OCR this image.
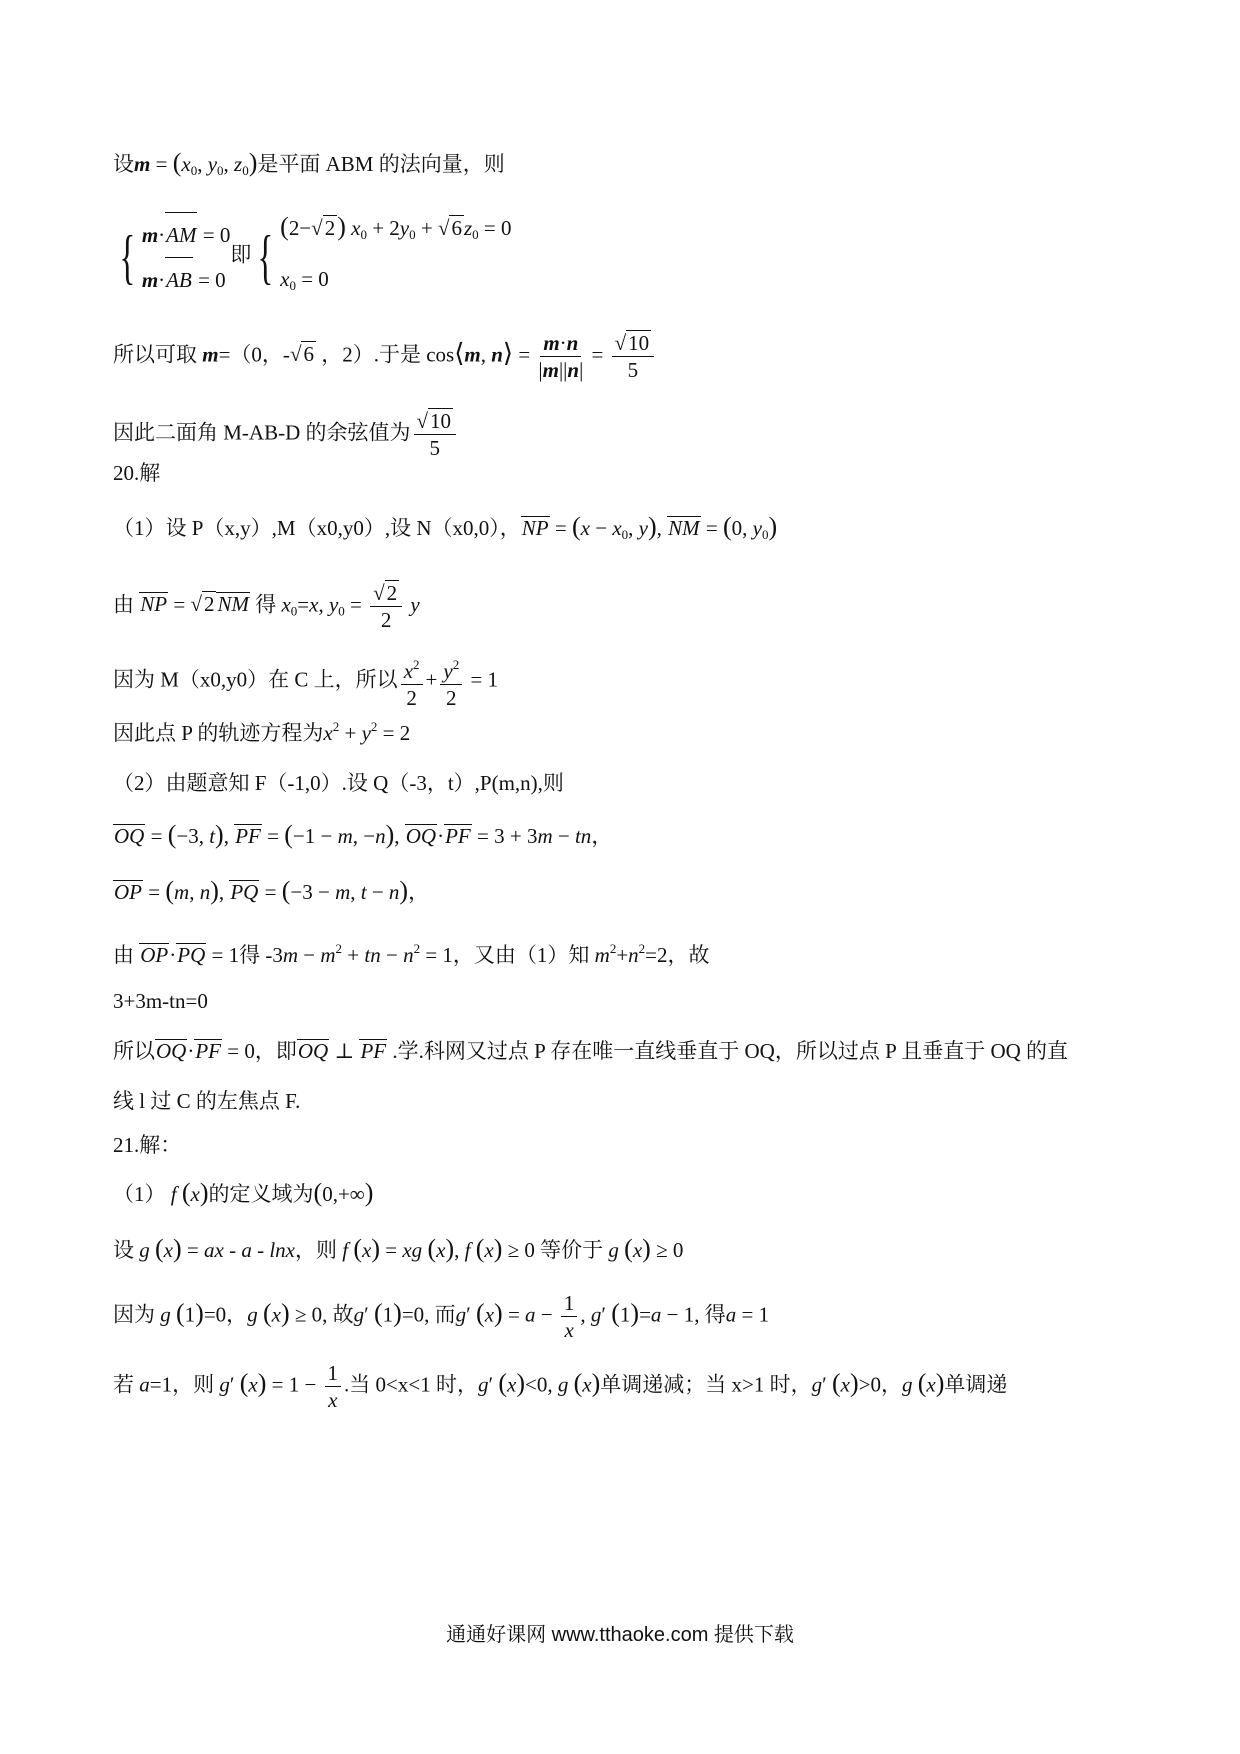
设$m = (x_0$, $y_0$, $z_0$)是平面 ABM 的法向量，则
{ m·AM = 0
m·AB = 0
即 { (2−√2) $x_0 + 2y_0 + √6z_0 = 0$
$x_0 = 0$
所以可取 m=（0，-√6 ，2）.于是 cos⟨m, n⟩ = $\frac{m\cdot n}{|m||n|} = \frac{√10}{5}$
因此二面角 M-AB-D 的余弦值为 $\frac{√10}{5}$
20.解
（1）设 P（x,y）,M（x0,y0）,设 N（x0,0），NP = ($x - x_0$, y), NM = (0, $y_0$)
由 NP = √2 NM 得 $x_0=x$, $y_0 = \frac{√2}{2}$ y
因为 M（x0,y0）在 C 上，所以 $\frac{x^2}{2} + \frac{y^2}{2} = 1$
因此点 P 的轨迹方程为$x^2 + y^2 = 2$
（2）由题意知 F（-1,0）.设 Q（-3，t）,P(m,n),则
OQ = (−3, t), PF = (−1 − m, −n), OQ·PF = 3 + 3m − tn，
OP = (m, n), PQ = (−3 − m, t − n)，
由 OP·PQ = 1得 $-3m - m^2$ + tn − $n^2 = 1$，又由（1）知 $m^2+n^2=2$，故
3+3m-tn=0
所以OQ·PF = 0，即OQ ⊥ PF .学.科网又过点 P 存在唯一直线垂直于 OQ，所以过点 P 且垂直于 OQ 的直
线 l 过 C 的左焦点 F.
21.解：
（1） f (x)的定义域为(0,+∞)
设 g (x) = ax - a - lnx，则 f (x) = xg (x), f (x) ≥ 0 等价于 g (x) ≥ 0
因为 g (1)=0，g (x) ≥ 0, 故g′ (1)=0, 而g′ $(x) = a - \frac{1}{x}$ , g′ (1)=a − 1, 得a = 1
若 a=1，则 g′ $(x) = 1 - \frac{1}{x}$ .当 0<x<1 时，g′ (x)<0, g (x)单调递减；当 x>1 时，g′ (x)>0，g (x)单调递
通通好课网 www.tthaoke.com 提供下载
